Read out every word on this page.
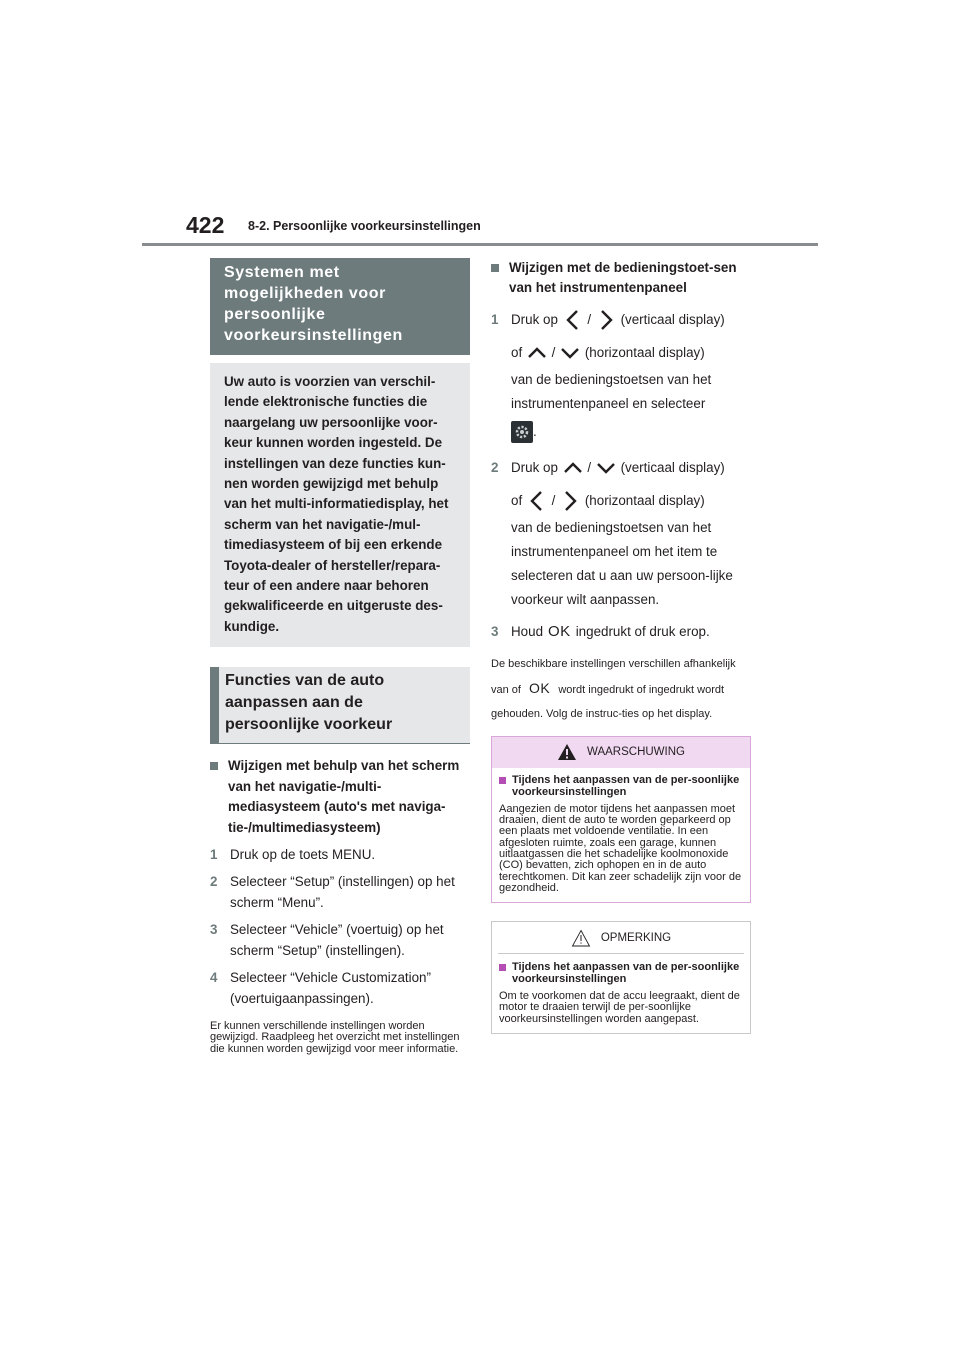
422 8-2. Persoonlijke voorkeursinstellingen
Systemen met mogelijkheden voor persoonlijke voorkeursinstellingen
Uw auto is voorzien van verschil-lende elektronische functies die naargelang uw persoonlijke voor-keur kunnen worden ingesteld. De instellingen van deze functies kun-nen worden gewijzigd met behulp van het multi-informatiedisplay, het scherm van het navigatie-/mul-timediasysteem of bij een erkende Toyota-dealer of hersteller/repara-teur of een andere naar behoren gekwalificeerde en uitgeruste des-kundige.
Functies van de auto aanpassen aan de persoonlijke voorkeur
Wijzigen met behulp van het scherm van het navigatie-/multi-mediasysteem (auto's met naviga-tie-/multimediasysteem)
1 Druk op de toets MENU.
2 Selecteer “Setup” (instellingen) op het scherm “Menu”.
3 Selecteer “Vehicle” (voertuig) op het scherm “Setup” (instellingen).
4 Selecteer “Vehicle Customization” (voertuigaanpassingen).
Er kunnen verschillende instellingen worden gewijzigd. Raadpleeg het overzicht met instellingen die kunnen worden gewijzigd voor meer informatie.
Wijzigen met de bedieningstoet-sen van het instrumentenpaneel
1 Druk op / (verticaal display)
of / (horizontaal display)
van de bedieningstoetsen van het instrumentenpaneel en selecteer
.
2 Druk op / (verticaal display)
of / (horizontaal display)
van de bedieningstoetsen van het instrumentenpaneel om het item te selecteren dat u aan uw persoon-lijke voorkeur wilt aanpassen.
3 Houd OK ingedrukt of druk erop.
De beschikbare instellingen verschillen afhankelijk van of OK wordt ingedrukt of ingedrukt wordt gehouden. Volg de instruc-ties op het display.
WAARSCHUWING
Tijdens het aanpassen van de per-soonlijke voorkeursinstellingen
Aangezien de motor tijdens het aanpassen moet draaien, dient de auto te worden geparkeerd op een plaats met voldoende ventilatie. In een afgesloten ruimte, zoals een garage, kunnen uitlaatgassen die het schadelijke koolmonoxide (CO) bevatten, zich ophopen en in de auto terechtkomen. Dit kan zeer schadelijk zijn voor de gezondheid.
OPMERKING
Tijdens het aanpassen van de per-soonlijke voorkeursinstellingen
Om te voorkomen dat de accu leegraakt, dient de motor te draaien terwijl de per-soonlijke voorkeursinstellingen worden aangepast.
